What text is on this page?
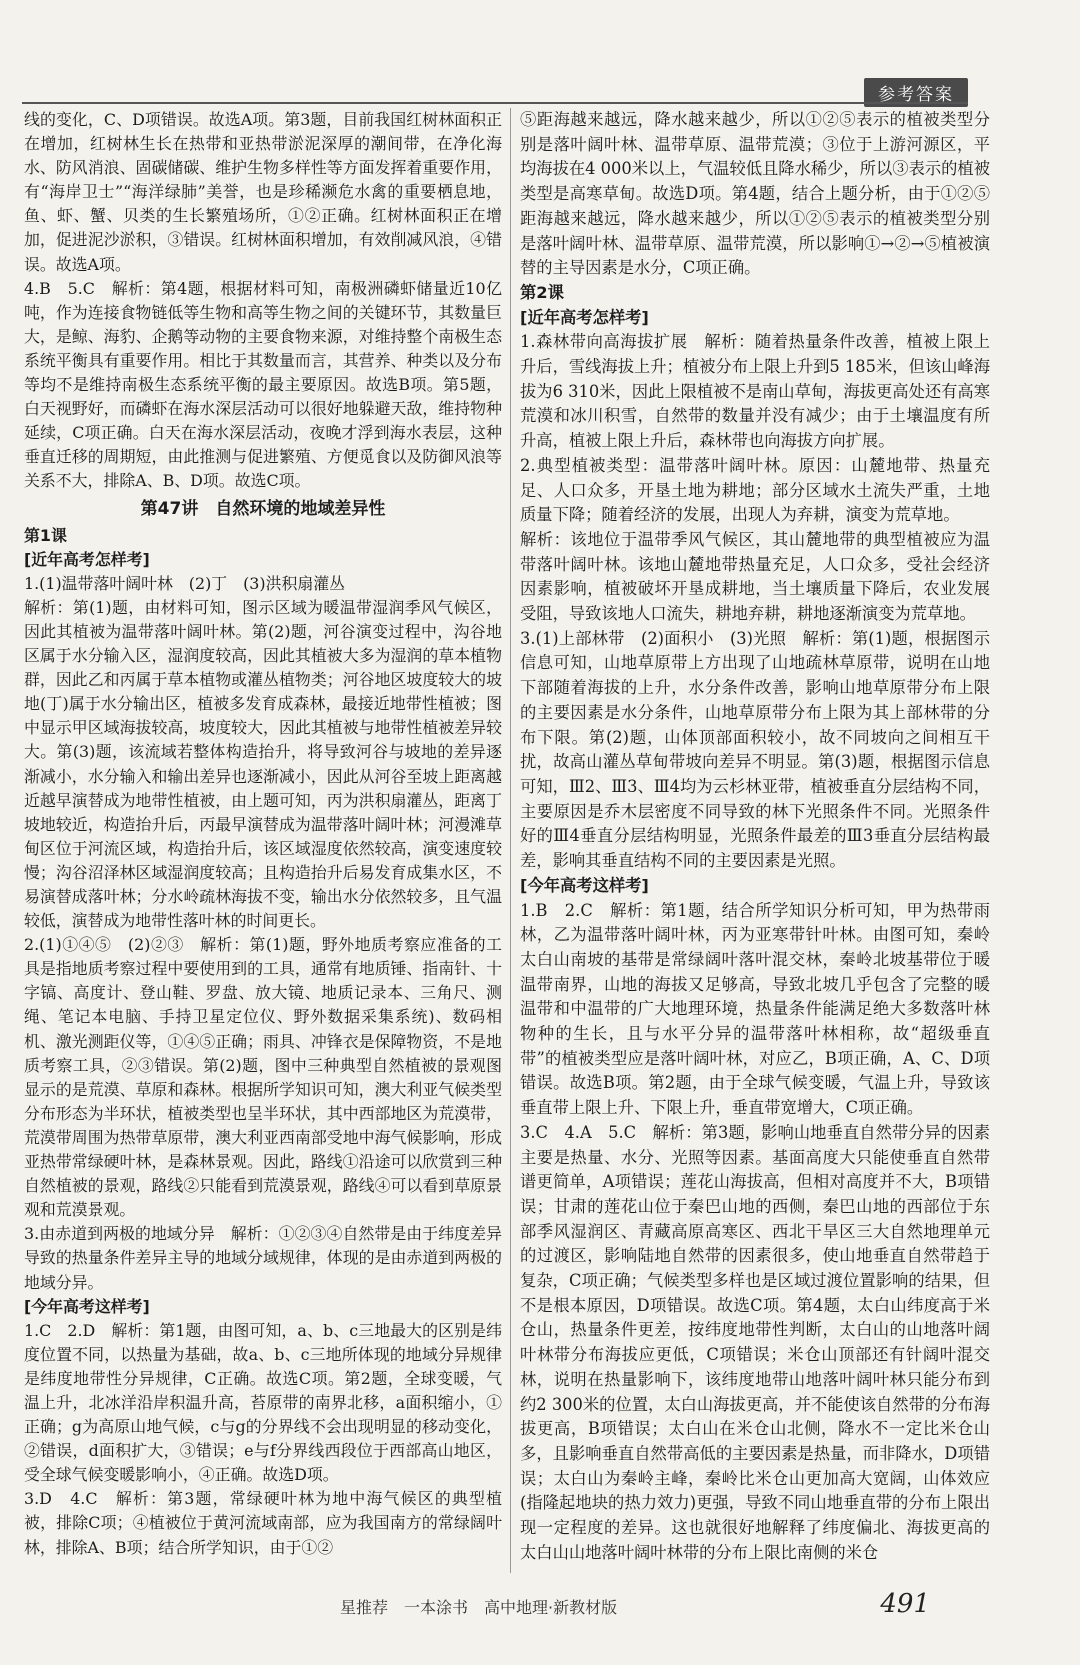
参考答案
线的变化，C、D项错误。故选A项。第3题，目前我国红树林面积正在增加，红树林生长在热带和亚热带淤泥深厚的潮间带，在净化海水、防风消浪、固碳储碳、维护生物多样性等方面发挥着重要作用，有“海岸卫士”“海洋绿肺”美誉，也是珍稀濒危水禽的重要栖息地，鱼、虾、蟹、贝类的生长繁殖场所，①②正确。红树林面积正在增加，促进泥沙淤积，③错误。红树林面积增加，有效削减风浪，④错误。故选A项。
4.B　5.C　解析：第4题，根据材料可知，南极洲磷虾储量近10亿吨，作为连接食物链低等生物和高等生物之间的关键环节，其数量巨大，是鲸、海豹、企鹅等动物的主要食物来源，对维持整个南极生态系统平衡具有重要作用。相比于其数量而言，其营养、种类以及分布等均不是维持南极生态系统平衡的最主要原因。故选B项。第5题，白天视野好，而磷虾在海水深层活动可以很好地躲避天敌，维持物种延续，C项正确。白天在海水深层活动，夜晚才浮到海水表层，这种垂直迁移的周期短，由此推测与促进繁殖、方便觅食以及防御风浪等关系不大，排除A、B、D项。故选C项。
第47讲　自然环境的地域差异性
第1课
[近年高考怎样考]
1.(1)温带落叶阔叶林　(2)丁　(3)洪积扇灌丛
解析：第(1)题，由材料可知，图示区域为暖温带湿润季风气候区，因此其植被为温带落叶阔叶林。第(2)题，河谷演变过程中，沟谷地区属于水分输入区，湿润度较高，因此其植被大多为湿润的草本植物群，因此乙和丙属于草本植物或灌丛植物类；河谷地区坡度较大的坡地(丁)属于水分输出区，植被多发育成森林，最接近地带性植被；图中显示甲区域海拔较高，坡度较大，因此其植被与地带性植被差异较大。第(3)题，该流域若整体构造抬升，将导致河谷与坡地的差异逐渐减小，水分输入和输出差异也逐渐减小，因此从河谷至坡上距离越近越早演替成为地带性植被，由上题可知，丙为洪积扇灌丛，距离丁坡地较近，构造抬升后，丙最早演替成为温带落叶阔叶林；河漫滩草甸区位于河流区域，构造抬升后，该区域湿度依然较高，演变速度较慢；沟谷沼泽林区域湿润度较高；且构造抬升后易发育成集水区，不易演替成落叶林；分水岭疏林海拔不变，输出水分依然较多，且气温较低，演替成为地带性落叶林的时间更长。
2.(1)①④⑤　(2)②③　解析：第(1)题，野外地质考察应准备的工具是指地质考察过程中要使用到的工具，通常有地质锤、指南针、十字镐、高度计、登山鞋、罗盘、放大镜、地质记录本、三角尺、测绳、笔记本电脑、手持卫星定位仪、野外数据采集系统)、数码相机、激光测距仪等，①④⑤正确；雨具、冲锋衣是保障物资，不是地质考察工具，②③错误。第(2)题，图中三种典型自然植被的景观图显示的是荒漠、草原和森林。根据所学知识可知，澳大利亚气候类型分布形态为半环状，植被类型也呈半环状，其中西部地区为荒漠带，荒漠带周围为热带草原带，澳大利亚西南部受地中海气候影响，形成亚热带常绿硬叶林，是森林景观。因此，路线①沿途可以欣赏到三种自然植被的景观，路线②只能看到荒漠景观，路线④可以看到草原景观和荒漠景观。
3.由赤道到两极的地域分异　解析：①②③④自然带是由于纬度差异导致的热量条件差异主导的地域分域规律，体现的是由赤道到两极的地域分异。
[今年高考这样考]
1.C　2.D　解析：第1题，由图可知，a、b、c三地最大的区别是纬度位置不同，以热量为基础，故a、b、c三地所体现的地域分异规律是纬度地带性分异规律，C正确。故选C项。第2题，全球变暖，气温上升，北冰洋沿岸积温升高，苔原带的南界北移，a面积缩小，①正确；g为高原山地气候，c与g的分界线不会出现明显的移动变化，②错误，d面积扩大，③错误；e与f分界线西段位于西部高山地区，受全球气候变暖影响小，④正确。故选D项。
3.D　4.C　解析：第3题，常绿硬叶林为地中海气候区的典型植被，排除C项；④植被位于黄河流域南部，应为我国南方的常绿阔叶林，排除A、B项；结合所学知识，由于①②
⑤距海越来越远，降水越来越少，所以①②⑤表示的植被类型分别是落叶阔叶林、温带草原、温带荒漠；③位于上游河源区，平均海拔在4 000米以上，气温较低且降水稀少，所以③表示的植被类型是高寒草甸。故选D项。第4题，结合上题分析，由于①②⑤距海越来越远，降水越来越少，所以①②⑤表示的植被类型分别是落叶阔叶林、温带草原、温带荒漠，所以影响①→②→⑤植被演替的主导因素是水分，C项正确。
第2课
[近年高考怎样考]
1.森林带向高海拔扩展　解析：随着热量条件改善，植被上限上升后，雪线海拔上升；植被分布上限上升到5 185米，但该山峰海拔为6 310米，因此上限植被不是南山草甸，海拔更高处还有高寒荒漠和冰川积雪，自然带的数量并没有减少；由于土壤温度有所升高，植被上限上升后，森林带也向海拔方向扩展。
2.典型植被类型：温带落叶阔叶林。原因：山麓地带、热量充足、人口众多，开垦土地为耕地；部分区域水土流失严重，土地质量下降；随着经济的发展，出现人为弃耕，演变为荒草地。
解析：该地位于温带季风气候区，其山麓地带的典型植被应为温带落叶阔叶林。该地山麓地带热量充足，人口众多，受社会经济因素影响，植被破坏开垦成耕地，当土壤质量下降后，农业发展受阻，导致该地人口流失，耕地弃耕，耕地逐渐演变为荒草地。
3.(1)上部林带　(2)面积小　(3)光照　解析：第(1)题，根据图示信息可知，山地草原带上方出现了山地疏林草原带，说明在山地下部随着海拔的上升，水分条件改善，影响山地草原带分布上限的主要因素是水分条件，山地草原带分布上限为其上部林带的分布下限。第(2)题，山体顶部面积较小，故不同坡向之间相互干扰，故高山灌丛草甸带坡向差异不明显。第(3)题，根据图示信息可知，Ⅲ2、Ⅲ3、Ⅲ4均为云杉林亚带，植被垂直分层结构不同，主要原因是乔木层密度不同导致的林下光照条件不同。光照条件好的Ⅲ4垂直分层结构明显，光照条件最差的Ⅲ3垂直分层结构最差，影响其垂直结构不同的主要因素是光照。
[今年高考这样考]
1.B　2.C　解析：第1题，结合所学知识分析可知，甲为热带雨林，乙为温带落叶阔叶林，丙为亚寒带针叶林。由图可知，秦岭太白山南坡的基带是常绿阔叶落叶混交林，秦岭北坡基带位于暖温带南界，山地的海拔又足够高，导致北坡几乎包含了完整的暖温带和中温带的广大地理环境，热量条件能满足绝大多数落叶林物种的生长，且与水平分异的温带落叶林相称，故“超级垂直带”的植被类型应是落叶阔叶林，对应乙，B项正确，A、C、D项错误。故选B项。第2题，由于全球气候变暖，气温上升，导致该垂直带上限上升、下限上升，垂直带宽增大，C项正确。
3.C　4.A　5.C　解析：第3题，影响山地垂直自然带分异的因素主要是热量、水分、光照等因素。基面高度大只能使垂直自然带谱更简单，A项错误；莲花山海拔高，但相对高度并不大，B项错误；甘肃的莲花山位于秦巴山地的西侧，秦巴山地的西部位于东部季风湿润区、青藏高原高寒区、西北干旱区三大自然地理单元的过渡区，影响陆地自然带的因素很多，使山地垂直自然带趋于复杂，C项正确；气候类型多样也是区域过渡位置影响的结果，但不是根本原因，D项错误。故选C项。第4题，太白山纬度高于米仓山，热量条件更差，按纬度地带性判断，太白山的山地落叶阔叶林带分布海拔应更低，C项错误；米仓山顶部还有针阔叶混交林，说明在热量影响下，该纬度地带山地落叶阔叶林只能分布到约2 300米的位置，太白山海拔更高，并不能使该自然带的分布海拔更高，B项错误；太白山在米仓山北侧，降水不一定比米仓山多，且影响垂直自然带高低的主要因素是热量，而非降水，D项错误；太白山为秦岭主峰，秦岭比米仓山更加高大宽阔，山体效应(指隆起地块的热力效力)更强，导致不同山地垂直带的分布上限出现一定程度的差异。这也就很好地解释了纬度偏北、海拔更高的太白山山地落叶阔叶林带的分布上限比南侧的米仓
星推荐　一本涂书　高中地理·新教材版	491
